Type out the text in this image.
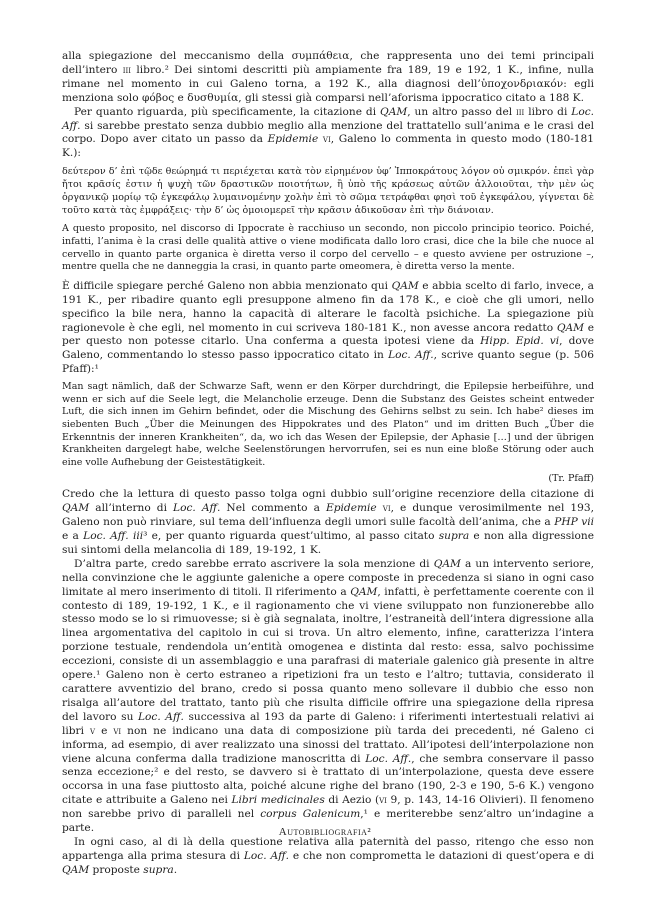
alla spiegazione del meccanismo della συμπάθεια, che rappresenta uno dei temi principali dell’intero iii libro.² Dei sintomi descritti più ampiamente fra 189, 19 e 192, 1 K., infine, nulla rimane nel momento in cui Galeno torna, a 192 K., alla diagnosi dell’ὑποχονδριακόν: egli menziona solo φόβος e δυσθυμία, gli stessi già comparsi nell’aforisma ippocratico citato a 188 K.

Per quanto riguarda, più specificamente, la citazione di QAM, un altro passo del iii libro di Loc. Aff. si sarebbe prestato senza dubbio meglio alla menzione del trattatello sull’anima e le crasi del corpo. Dopo aver citato un passo da Epidemie vi, Galeno lo commenta in questo modo (180-181 K.):

δεύτερον δ’ ἐπὶ τῷδε θεώρημά τι περιέχεται κατὰ τὸν εἰρημένον ὑφ’ Ἱπποκράτους λόγον οὐ σμικρόν. ἐπεὶ γὰρ ἤτοι κρᾶσίς ἐστιν ἡ ψυχὴ τῶν δραστικῶν ποιοτήτων, ἢ ὑπὸ τῆς κράσεως αὐτῶν ἀλλοιοῦται, τὴν μὲν ὡς ὀργανικῷ μορίῳ τῷ ἐγκεφάλῳ λυμαινομένην χολὴν ἐπὶ τὸ σῶμα τετράφθαι φησὶ τοῦ ἐγκεφάλου, γίγνεται δὲ τοῦτο κατὰ τὰς ἐμφράξεις· τὴν δ’ ὡς ὁμοιομερεῖ τὴν κρᾶσιν ἀδικοῦσαν ἐπὶ τὴν διάνοιαν.

A questo proposito, nel discorso di Ippocrate è racchiuso un secondo, non piccolo principio teorico. Poiché, infatti, l’anima è la crasi delle qualità attive o viene modificata dallo loro crasi, dice che la bile che nuoce al cervello in quanto parte organica è diretta verso il corpo del cervello – e questo avviene per ostruzione –, mentre quella che ne danneggia la crasi, in quanto parte omeomera, è diretta verso la mente.

È difficile spiegare perché Galeno non abbia menzionato qui QAM e abbia scelto di farlo, invece, a 191 K., per ribadire quanto egli presuppone almeno fin da 178 K., e cioè che gli umori, nello specifico la bile nera, hanno la capacità di alterare le facoltà psichiche. La spiegazione più ragionevole è che egli, nel momento in cui scriveva 180-181 K., non avesse ancora redatto QAM e per questo non potesse citarlo. Una conferma a questa ipotesi viene da Hipp. Epid. vi, dove Galeno, commentando lo stesso passo ippocratico citato in Loc. Aff., scrive quanto segue (p. 506 Pfaff):¹

Man sagt nämlich, daß der Schwarze Saft, wenn er den Körper durchdringt, die Epilepsie herbeiführe, und wenn er sich auf die Seele legt, die Melancholie erzeuge. Denn die Substanz des Geistes scheint entweder Luft, die sich innen im Gehirn befindet, oder die Mischung des Gehirns selbst zu sein. Ich habe² dieses im siebenten Buch „Über die Meinungen des Hippokrates und des Platon“ und im dritten Buch „Über die Erkenntnis der inneren Krankheiten“, da, wo ich das Wesen der Epilepsie, der Aphasie […] und der übrigen Krankheiten dargelegt habe, welche Seelenstörungen hervorrufen, sei es nun eine bloße Störung oder auch eine volle Aufhebung der Geistestätigkeit.

(Tr. Pfaff)

Credo che la lettura di questo passo tolga ogni dubbio sull’origine recenziore della citazione di QAM all’interno di Loc. Aff. Nel commento a Epidemie vi, e dunque verosimilmente nel 193, Galeno non può rinviare, sul tema dell’influenza degli umori sulle facoltà dell’anima, che a PHP vii e a Loc. Aff. iii³ e, per quanto riguarda quest’ultimo, al passo citato supra e non alla digressione sui sintomi della melancolia di 189, 19-192, 1 K.

D’altra parte, credo sarebbe errato ascrivere la sola menzione di QAM a un intervento seriore, nella convinzione che le aggiunte galeniche a opere composte in precedenza si siano in ogni caso limitate al mero inserimento di titoli. Il riferimento a QAM, infatti, è perfettamente coerente con il contesto di 189, 19-192, 1 K., e il ragionamento che vi viene sviluppato non funzionerebbe allo stesso modo se lo si rimuovesse; si è già segnalata, inoltre, l’estraneità dell’intera digressione alla linea argomentativa del capitolo in cui si trova. Un altro elemento, infine, caratterizza l’intera porzione testuale, rendendola un’entità omogenea e distinta dal resto: essa, salvo pochissime eccezioni, consiste di un assemblaggio e una parafrasi di materiale galenico già presente in altre opere.¹ Galeno non è certo estraneo a ripetizioni fra un testo e l’altro; tuttavia, considerato il carattere avventizio del brano, credo si possa quanto meno sollevare il dubbio che esso non risalga all’autore del trattato, tanto più che risulta difficile offrire una spiegazione della ripresa del lavoro su Loc. Aff. successiva al 193 da parte di Galeno: i riferimenti intertestuali relativi ai libri v e vi non ne indicano una data di composizione più tarda dei precedenti, né Galeno ci informa, ad esempio, di aver realizzato una sinossi del trattato. All’ipotesi dell’interpolazione non viene alcuna conferma dalla tradizione manoscritta di Loc. Aff., che sembra conservare il passo senza eccezione;² e del resto, se davvero si è trattato di un’interpolazione, questa deve essere occorsa in una fase piuttosto alta, poiché alcune righe del brano (190, 2-3 e 190, 5-6 K.) vengono citate e attribuite a Galeno nei Libri medicinales di Aezio (vi 9, p. 143, 14-16 Olivieri). Il fenomeno non sarebbe privo di paralleli nel corpus Galenicum,¹ e meriterebbe senz’altro un’indagine a parte.

In ogni caso, al di là della questione relativa alla paternità del passo, ritengo che esso non appartenga alla prima stesura di Loc. Aff. e che non comprometta le datazioni di quest’opera e di QAM proposte supra.

Autobibliografia²
